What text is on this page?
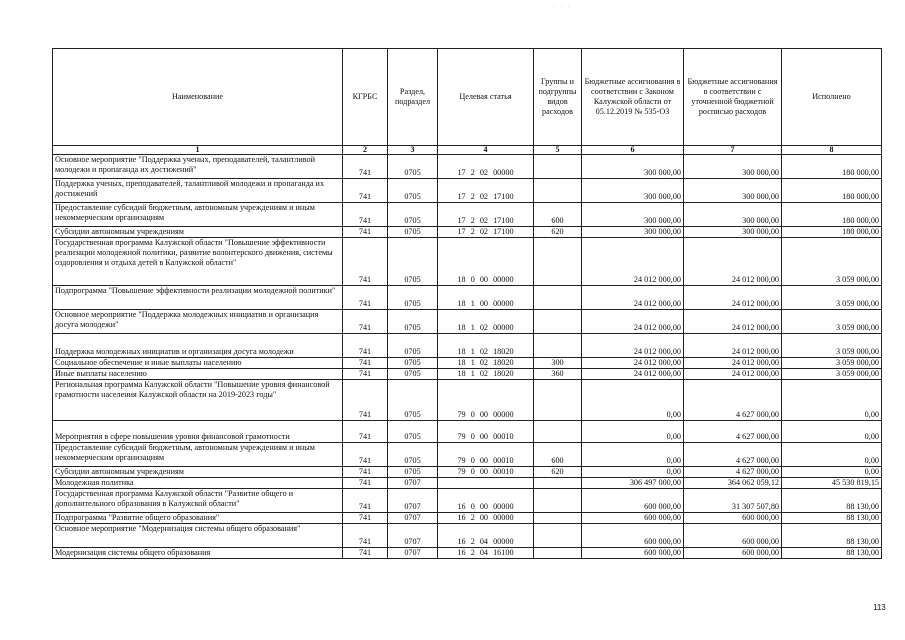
· · ·
Наименование	КГРБС	Раздел, подраздел	Целевая статья	Группы и подгруппы видов расходов	Бюджетные ассигнования в соответствии с Законом Калужской области от 05.12.2019 № 535-ОЗ	Бюджетные ассигнования в соответствии с уточненной бюджетной росписью расходов	Исполнено
1	2	3	4	5	6	7	8
Основное мероприятие "Поддержка ученых, преподавателей, талантливой молодежи и пропаганда их достижений"	741	0705	17 2 02 00000		300 000,00	300 000,00	180 000,00
Поддержка ученых, преподавателей, талантливой молодежи и пропаганда их достижений	741	0705	17 2 02 17100		300 000,00	300 000,00	180 000,00
Предоставление субсидий бюджетным, автономным учреждениям и иным некоммерческим организациям	741	0705	17 2 02 17100	600	300 000,00	300 000,00	180 000,00
Субсидии автономным учреждениям	741	0705	17 2 02 17100	620	300 000,00	300 000,00	180 000,00
Государственная программа Калужской области "Повышение эффективности реализации молодежной политики, развитие волонтерского движения, системы оздоровления и отдыха детей в Калужской области"	741	0705	18 0 00 00000		24 012 000,00	24 012 000,00	3 059 000,00
Подпрограмма "Повышение эффективности реализации молодежной политики"	741	0705	18 1 00 00000		24 012 000,00	24 012 000,00	3 059 000,00
Основное мероприятие "Поддержка молодежных инициатив и организация досуга молодежи"	741	0705	18 1 02 00000		24 012 000,00	24 012 000,00	3 059 000,00
Поддержка молодежных инициатив и организация досуга молодежи	741	0705	18 1 02 18020		24 012 000,00	24 012 000,00	3 059 000,00
Социальное обеспечение и иные выплаты населению	741	0705	18 1 02 18020	300	24 012 000,00	24 012 000,00	3 059 000,00
Иные выплаты населению	741	0705	18 1 02 18020	360	24 012 000,00	24 012 000,00	3 059 000,00
Региональная программа Калужской области "Повышение уровня финансовой грамотности населения Калужской области на 2019-2023 годы"	741	0705	79 0 00 00000		0,00	4 627 000,00	0,00
Мероприятия в сфере повышения уровня финансовой грамотности	741	0705	79 0 00 00010		0,00	4 627 000,00	0,00
Предоставление субсидий бюджетным, автономным учреждениям и иным некоммерческим организациям	741	0705	79 0 00 00010	600	0,00	4 627 000,00	0,00
Субсидии автономным учреждениям	741	0705	79 0 00 00010	620	0,00	4 627 000,00	0,00
Молодежная политика	741	0707			306 497 000,00	364 062 059,12	45 530 819,15
Государственная программа Калужской области "Развитие общего и дополнительного образования в Калужской области"	741	0707	16 0 00 00000		600 000,00	31 307 507,80	88 130,00
Подпрограмма "Развитие общего образования"	741	0707	16 2 00 00000		600 000,00	600 000,00	88 130,00
Основное мероприятие "Модернизация системы общего образования"	741	0707	16 2 04 00000		600 000,00	600 000,00	88 130,00
Модернизация системы общего образования	741	0707	16 2 04 16100		600 000,00	600 000,00	88 130,00
113
